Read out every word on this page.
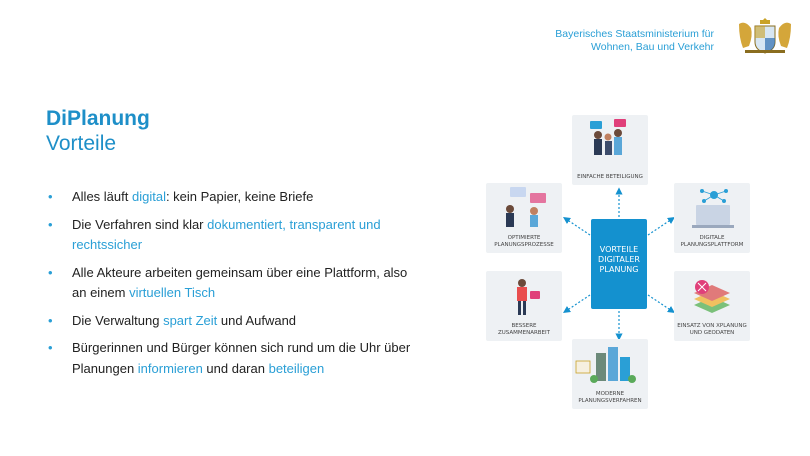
Bayerisches Staatsministerium für
Wohnen, Bau und Verkehr
DiPlanung
Vorteile
• Alles läuft digital: kein Papier, keine Briefe
• Die Verfahren sind klar dokumentiert, transparent und rechtssicher
• Alle Akteure arbeiten gemeinsam über eine Plattform, also an einem virtuellen Tisch
• Die Verwaltung spart Zeit und Aufwand
• Bürgerinnen und Bürger können sich rund um die Uhr über Planungen informieren und daran beteiligen
EINFACHE BETEILIGUNG
OPTIMIERTE PLANUNGSPROZESSE
DIGITALE PLANUNGSPLATTFORM
BESSERE ZUSAMMENARBEIT
EINSATZ VON XPLANUNG UND GEODATEN
MODERNE PLANUNGSVERFAHREN
VORTEILE DIGITALER PLANUNG
